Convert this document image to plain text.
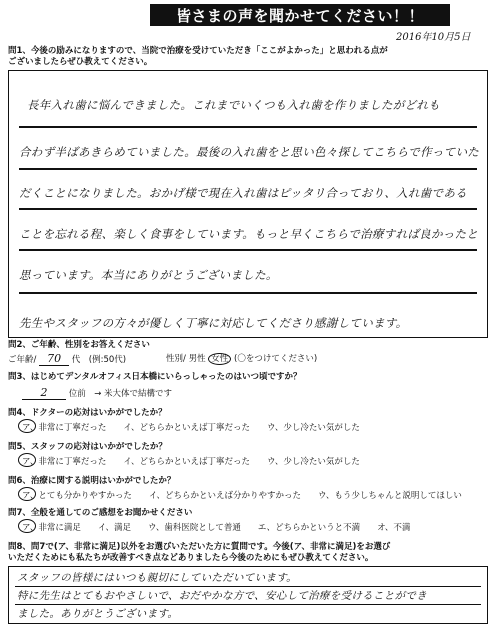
皆さまの声を聞かせてください！！
2016年10月5日
問1、今後の励みになりますので、当院で治療を受けていただき「ここがよかった」と思われる点が
ございましたらぜひ教えてください。
長年入れ歯に悩んできました。これまでいくつも入れ歯を作りましたがどれも
合わず半ばあきらめていました。最後の入れ歯をと思い色々探してこちらで作っていた
だくことになりました。おかげ様で現在入れ歯はピッタリ合っており、入れ歯である
ことを忘れる程、楽しく食事をしています。もっと早くこちらで治療すれば良かったと
思っています。本当にありがとうございました。
先生やスタッフの方々が優しく丁寧に対応してくださり感謝しています。
問2、ご年齢、性別をお答えください
ご年齢/ 70 代　(例:50代)	性別/ 男性 女性 (〇をつけてください)
問3、はじめてデンタルオフィス日本橋にいらっしゃったのはいつ頃ですか？
2 位前　→ 米大体で結構です
問4、ドクターの応対はいかがでしたか？
ア、非常に丁寧だった　　イ、どちらかといえば丁寧だった　　ウ、少し冷たい気がした
問5、スタッフの応対はいかがでしたか？
ア、非常に丁寧だった　　イ、どちらかといえば丁寧だった　　ウ、少し冷たい気がした
問6、治療に関する説明はいかがでしたか？
ア、とても分かりやすかった　　イ、どちらかといえば分かりやすかった　　ウ、もう少しちゃんと説明してほしい
問7、全般を通してのご感想をお聞かせください
ア、非常に満足　　イ、満足　　ウ、歯科医院として普通　　エ、どちらかというと不満　　オ、不満
問8、問7で(ア、非常に満足)以外をお選びいただいた方に質問です。今後(ア、非常に満足)をお選び
いただくためにも私たちが改善すべき点などありましたら今後のためにもぜひ教えてください。
スタッフの皆様にはいつも親切にしていただいています。
特に先生はとてもおやさしいで、おだやかな方で、安心して治療を受けることができ
ました。ありがとうございます。
